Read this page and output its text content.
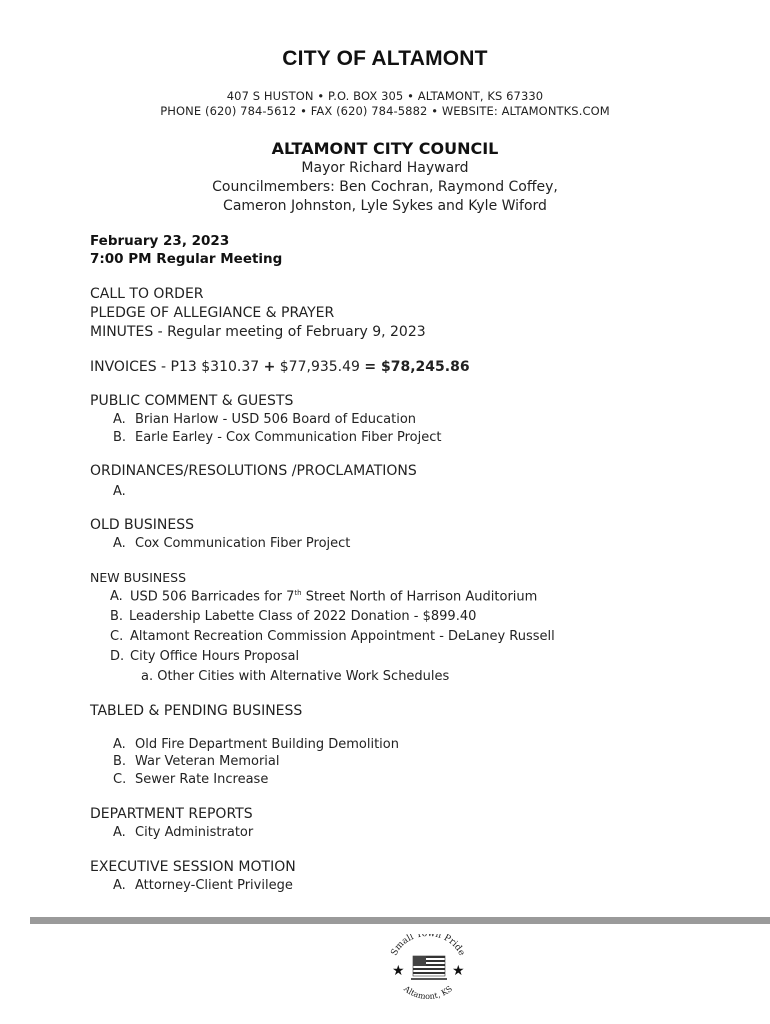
CITY OF ALTAMONT
407 S HUSTON • P.O. BOX 305 • ALTAMONT, KS 67330
PHONE (620) 784-5612 • FAX (620) 784-5882 • WEBSITE: ALTAMONTKS.COM
ALTAMONT CITY COUNCIL
Mayor Richard Hayward
Councilmembers: Ben Cochran, Raymond Coffey,
Cameron Johnston, Lyle Sykes and Kyle Wiford
February 23, 2023
7:00 PM Regular Meeting
CALL TO ORDER
PLEDGE OF ALLEGIANCE & PRAYER
MINUTES - Regular meeting of February 9, 2023
INVOICES - P13 $310.37 + $77,935.49 = $78,245.86
PUBLIC COMMENT & GUESTS
A. Brian Harlow - USD 506 Board of Education
B. Earle Earley - Cox Communication Fiber Project
ORDINANCES/RESOLUTIONS /PROCLAMATIONS
A.
OLD BUSINESS
A. Cox Communication Fiber Project
NEW BUSINESS
A. USD 506 Barricades for 7th Street North of Harrison Auditorium
B. Leadership Labette Class of 2022 Donation - $899.40
C. Altamont Recreation Commission Appointment - DeLaney Russell
D. City Office Hours Proposal
a. Other Cities with Alternative Work Schedules
TABLED & PENDING BUSINESS
A. Old Fire Department Building Demolition
B. War Veteran Memorial
C. Sewer Rate Increase
DEPARTMENT REPORTS
A. City Administrator
EXECUTIVE SESSION MOTION
A. Attorney-Client Privilege
Small Town Pride
Altamont, KS
★	★
